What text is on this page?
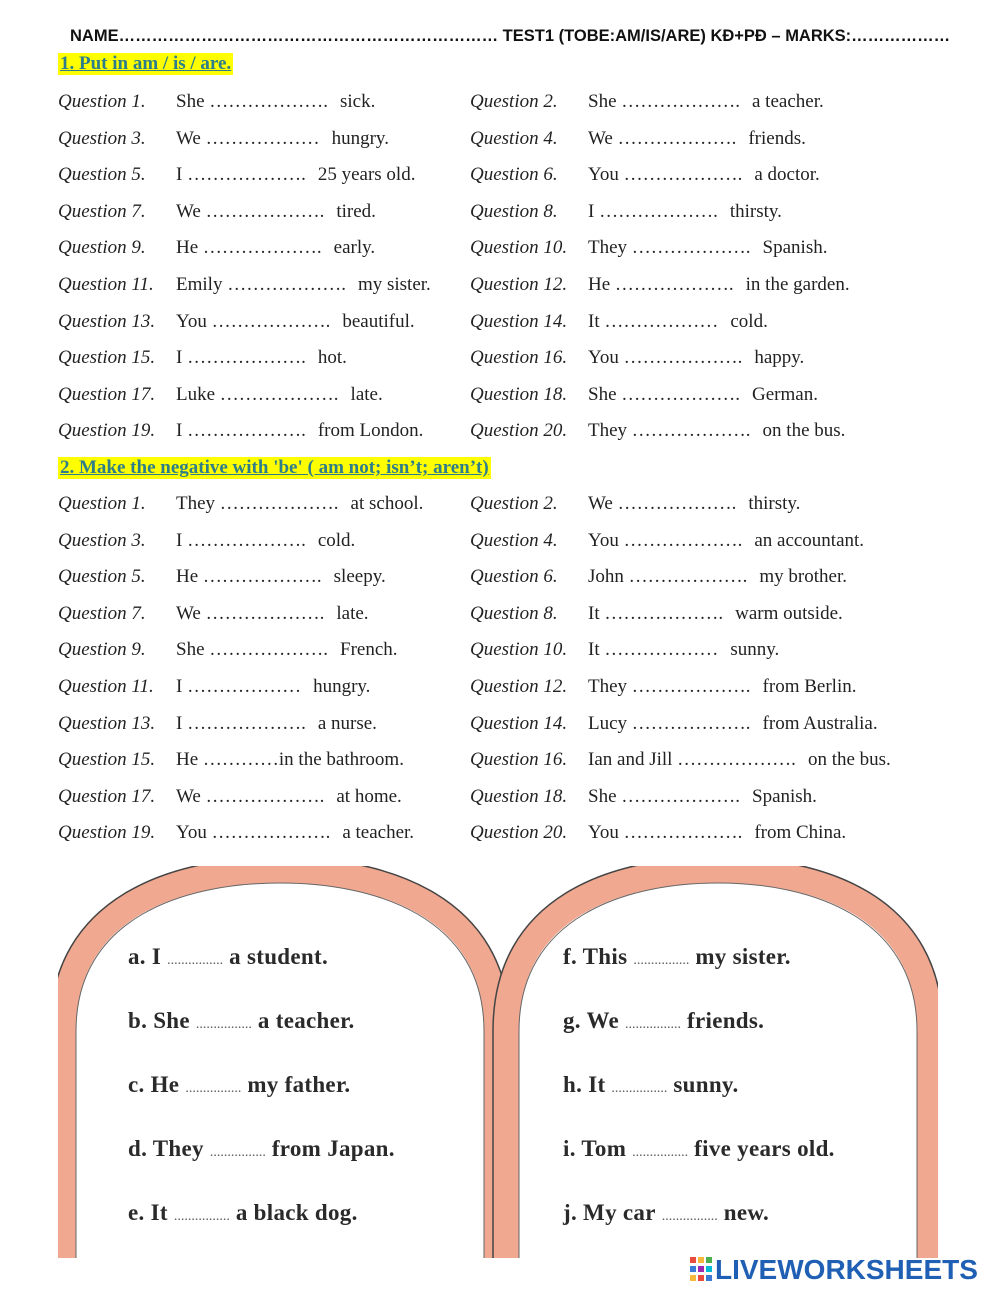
NAME…………………………………………………………… TEST1 (TOBE:AM/IS/ARE) KĐ+PĐ – MARKS:………………
1. Put in am / is / are.
Question 1. She ………………. sick.	Question 2. She ………………. a teacher.
Question 3. We ……………… hungry.	Question 4. We ………………. friends.
Question 5. I ………………. 25 years old.	Question 6. You ………………. a doctor.
Question 7. We ………………. tired.	Question 8. I ………………. thirsty.
Question 9. He ………………. early.	Question 10. They ………………. Spanish.
Question 11. Emily ………………. my sister. Question 12. He ………………. in the garden.
Question 13. You ………………. beautiful.	Question 14. It ……………… cold.
Question 15. I ………………. hot.	Question 16. You ………………. happy.
Question 17. Luke ………………. late.	Question 18. She ………………. German.
Question 19. I ………………. from London. Question 20. They ………………. on the bus.
2. Make the negative with 'be' ( am not; isn’t; aren’t)
Question 1. They ………………. at school. Question 2. We ………………. thirsty.
Question 3. I ………………. cold.	Question 4. You ………………. an accountant.
Question 5. He ………………. sleepy.	Question 6. John ………………. my brother.
Question 7. We ………………. late.	Question 8. It ………………. warm outside.
Question 9. She ………………. French.	Question 10. It ……………… sunny.
Question 11. I ……………… hungry.	Question 12. They ………………. from Berlin.
Question 13. I ………………. a nurse.	Question 14. Lucy ………………. from Australia.
Question 15. He …………in the bathroom.	Question 16. Ian and Jill ………………. on the bus.
Question 17. We ………………. at home.	Question 18. She ………………. Spanish.
Question 19. You ………………. a teacher.	Question 20. You ………………. from China.
a. I ................ a student.
b. She ................ a teacher.
c. He ................ my father.
d. They ................ from Japan.
e. It ................ a black dog.
f. This ................ my sister.
g. We ................ friends.
h. It ................ sunny.
i. Tom ................ five years old.
j. My car ................ new.
LIVEWORKSHEETS
